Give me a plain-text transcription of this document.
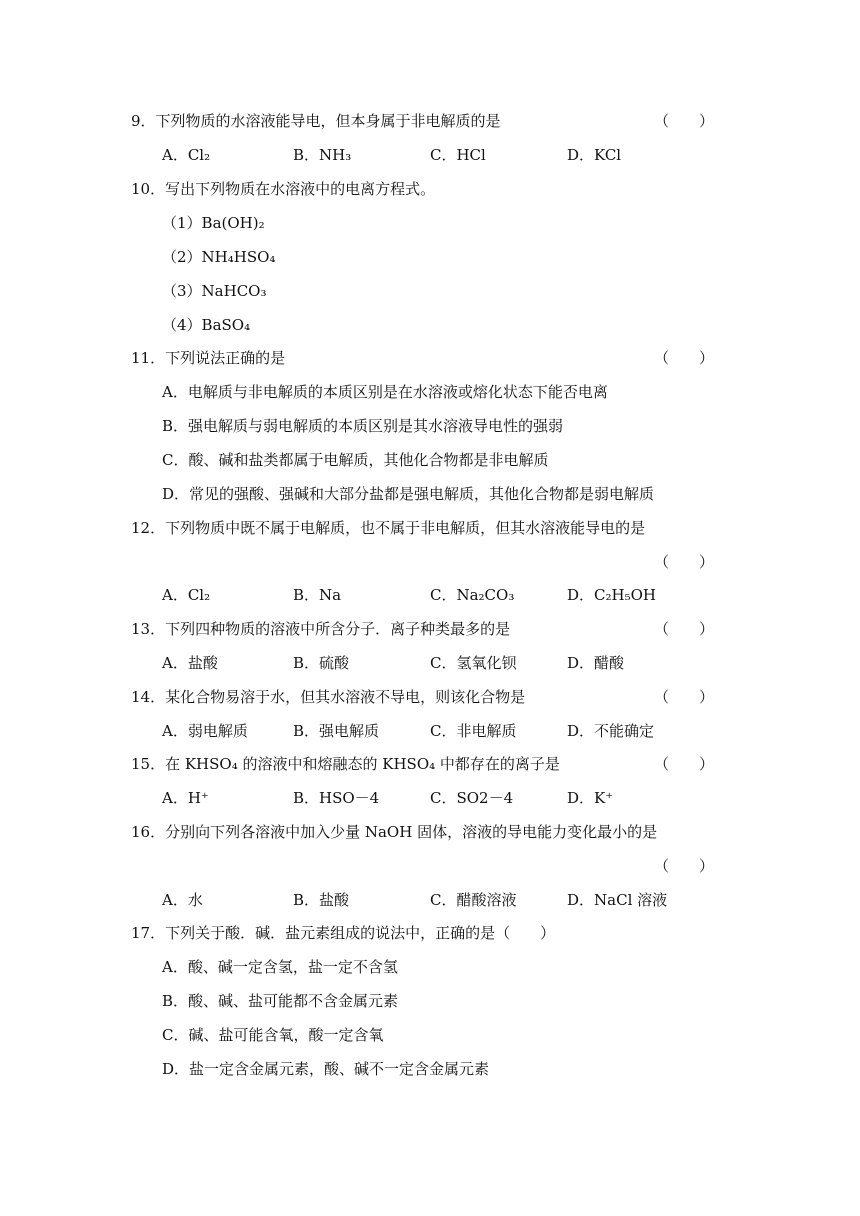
9．下列物质的水溶液能导电，但本身属于非电解质的是	（　　）
A．Cl₂	B．NH₃	C．HCl	D．KCl
10．写出下列物质在水溶液中的电离方程式。
（1）Ba(OH)₂
（2）NH₄HSO₄
（3）NaHCO₃
（4）BaSO₄
11．下列说法正确的是	（　　）
A．电解质与非电解质的本质区别是在水溶液或熔化状态下能否电离
B．强电解质与弱电解质的本质区别是其水溶液导电性的强弱
C．酸、碱和盐类都属于电解质，其他化合物都是非电解质
D．常见的强酸、强碱和大部分盐都是强电解质，其他化合物都是弱电解质
12．下列物质中既不属于电解质，也不属于非电解质，但其水溶液能导电的是
（　　）
A．Cl₂	B．Na	C．Na₂CO₃	D．C₂H₅OH
13．下列四种物质的溶液中所含分子．离子种类最多的是	（　　）
A．盐酸	B．硫酸	C．氢氧化钡	D．醋酸
14．某化合物易溶于水，但其水溶液不导电，则该化合物是	（　　）
A．弱电解质	B．强电解质	C．非电解质	D．不能确定
15．在 KHSO₄ 的溶液中和熔融态的 KHSO₄ 中都存在的离子是	（　　）
A．H⁺	B．HSO－4	C．SO2－4	D．K⁺
16．分别向下列各溶液中加入少量 NaOH 固体，溶液的导电能力变化最小的是
（　　）
A．水	B．盐酸	C．醋酸溶液	D．NaCl 溶液
17．下列关于酸．碱．盐元素组成的说法中，正确的是（　　）
A．酸、碱一定含氢，盐一定不含氢
B．酸、碱、盐可能都不含金属元素
C．碱、盐可能含氧，酸一定含氧
D．盐一定含金属元素，酸、碱不一定含金属元素
